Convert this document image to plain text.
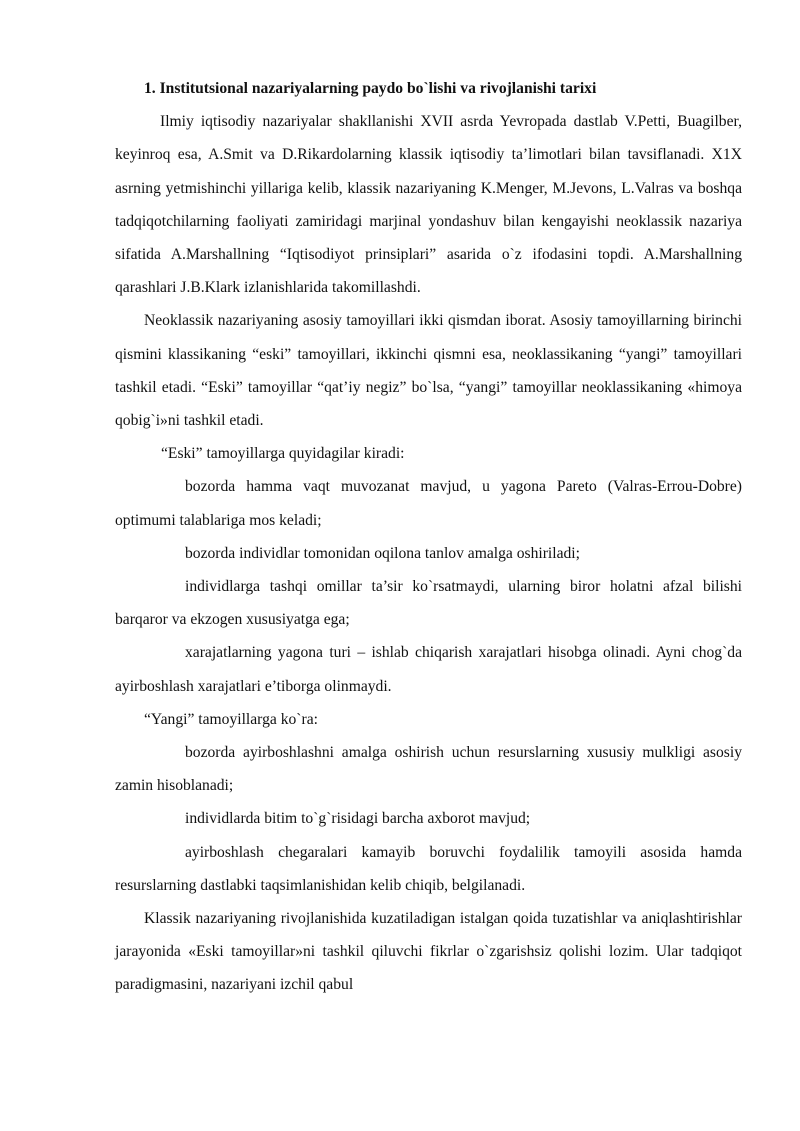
1. Institutsional nazariyalarning paydo bo`lishi va rivojlanishi tarixi

Ilmiy iqtisodiy nazariyalar shakllanishi XVII asrda Yevropada dastlab V.Petti, Buagilber, keyinroq esa, A.Smit va D.Rikardolarning klassik iqtisodiy ta’limotlari bilan tavsiflanadi. X1X asrning yetmishinchi yillariga kelib, klassik nazariyaning K.Menger, M.Jevons, L.Valras va boshqa tadqiqotchilarning faoliyati zamiridagi marjinal yondashuv bilan kengayishi neoklassik nazariya sifatida A.Marshallning “Iqtisodiyot prinsiplari” asarida o`z ifodasini topdi. A.Marshallning qarashlari J.B.Klark izlanishlarida takomillashdi.

Neoklassik nazariyaning asosiy tamoyillari ikki qismdan iborat. Asosiy tamoyillarning birinchi qismini klassikaning “eski” tamoyillari, ikkinchi qismni esa, neoklassikaning “yangi” tamoyillari tashkil etadi. “Eski” tamoyillar “qat’iy negiz” bo`lsa, “yangi” tamoyillar neoklassikaning «himoya qobig`i»ni tashkil etadi.

“Eski” tamoyillarga quyidagilar kiradi:

bozorda hamma vaqt muvozanat mavjud, u yagona Pareto (Valras-Errou-Dobre) optimumi talablariga mos keladi;

bozorda individlar tomonidan oqilona tanlov amalga oshiriladi;

individlarga tashqi omillar ta’sir ko`rsatmaydi, ularning biror holatni afzal bilishi barqaror va ekzogen xususiyatga ega;

xarajatlarning yagona turi – ishlab chiqarish xarajatlari hisobga olinadi. Ayni chog`da ayirboshlash xarajatlari e’tiborga olinmaydi.

“Yangi” tamoyillarga ko`ra:

bozorda ayirboshlashni amalga oshirish uchun resurslarning xususiy mulkligi asosiy zamin hisoblanadi;

individlarda bitim to`g`risidagi barcha axborot mavjud;

ayirboshlash chegaralari kamayib boruvchi foydalilik tamoyili asosida hamda resurslarning dastlabki taqsimlanishidan kelib chiqib, belgilanadi.

Klassik nazariyaning rivojlanishida kuzatiladigan istalgan qoida tuzatishlar va aniqlashtirishlar jarayonida «Eski tamoyillar»ni tashkil qiluvchi fikrlar o`zgarishsiz qolishi lozim. Ular tadqiqot paradigmasini, nazariyani izchil qabul
